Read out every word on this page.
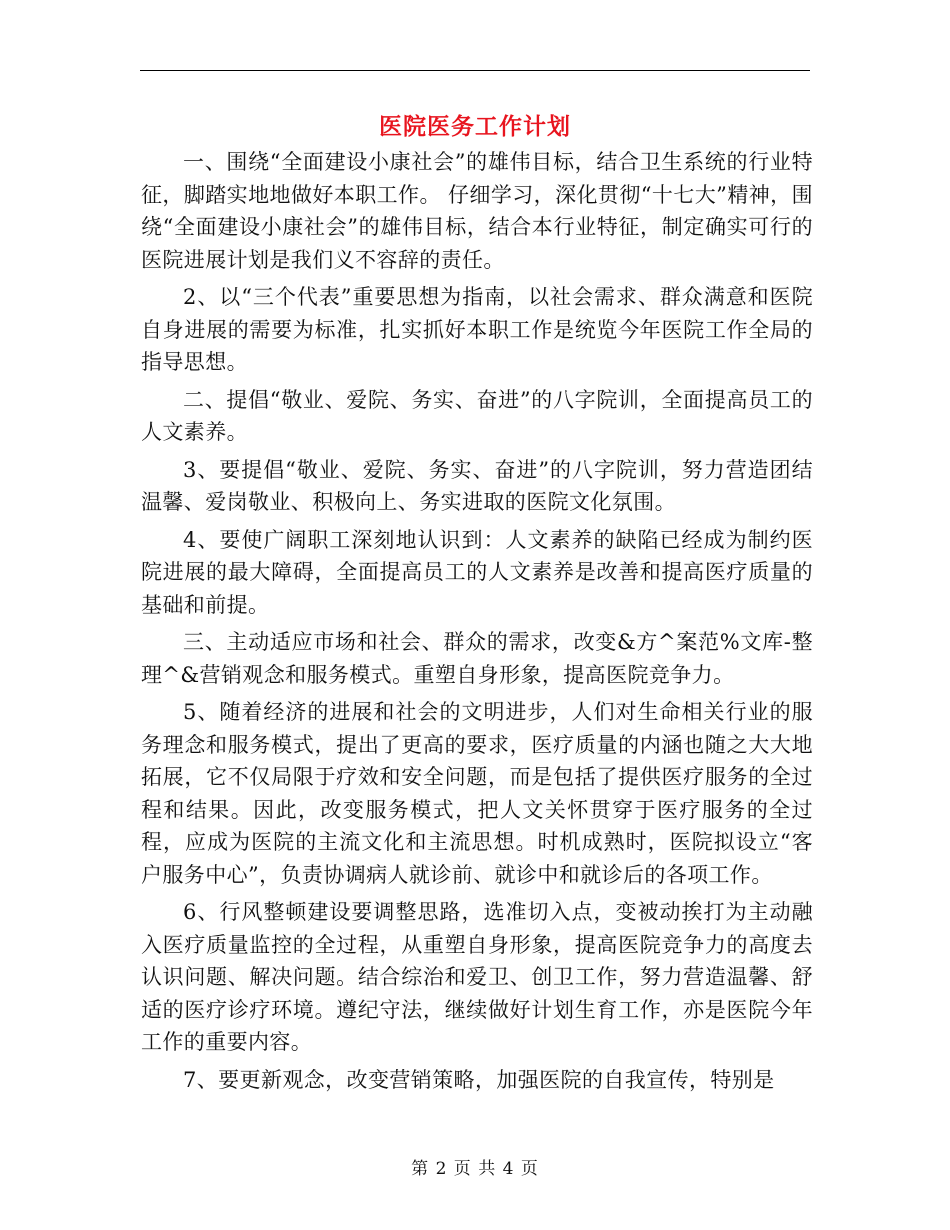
医院医务工作计划

一、围绕“全面建设小康社会”的雄伟目标，结合卫生系统的行业特征，脚踏实地地做好本职工作。 仔细学习，深化贯彻“十七大”精神，围绕“全面建设小康社会”的雄伟目标，结合本行业特征，制定确实可行的医院进展计划是我们义不容辞的责任。

2、以“三个代表”重要思想为指南，以社会需求、群众满意和医院自身进展的需要为标准，扎实抓好本职工作是统览今年医院工作全局的指导思想。

二、提倡“敬业、爱院、务实、奋进”的八字院训，全面提高员工的人文素养。

3、要提倡“敬业、爱院、务实、奋进”的八字院训，努力营造团结温馨、爱岗敬业、积极向上、务实进取的医院文化氛围。

4、要使广阔职工深刻地认识到：人文素养的缺陷已经成为制约医院进展的最大障碍，全面提高员工的人文素养是改善和提高医疗质量的基础和前提。

三、主动适应市场和社会、群众的需求，改变&方^案范%文库-整理^&营销观念和服务模式。重塑自身形象，提高医院竞争力。

5、随着经济的进展和社会的文明进步，人们对生命相关行业的服务理念和服务模式，提出了更高的要求，医疗质量的内涵也随之大大地拓展，它不仅局限于疗效和安全问题，而是包括了提供医疗服务的全过程和结果。因此，改变服务模式，把人文关怀贯穿于医疗服务的全过程，应成为医院的主流文化和主流思想。时机成熟时，医院拟设立“客户服务中心”，负责协调病人就诊前、就诊中和就诊后的各项工作。

6、行风整顿建设要调整思路，选准切入点，变被动挨打为主动融入医疗质量监控的全过程，从重塑自身形象，提高医院竞争力的高度去认识问题、解决问题。结合综治和爱卫、创卫工作，努力营造温馨、舒适的医疗诊疗环境。遵纪守法，继续做好计划生育工作，亦是医院今年工作的重要内容。

7、要更新观念，改变营销策略，加强医院的自我宣传，特别是

第 2 页 共 4 页
